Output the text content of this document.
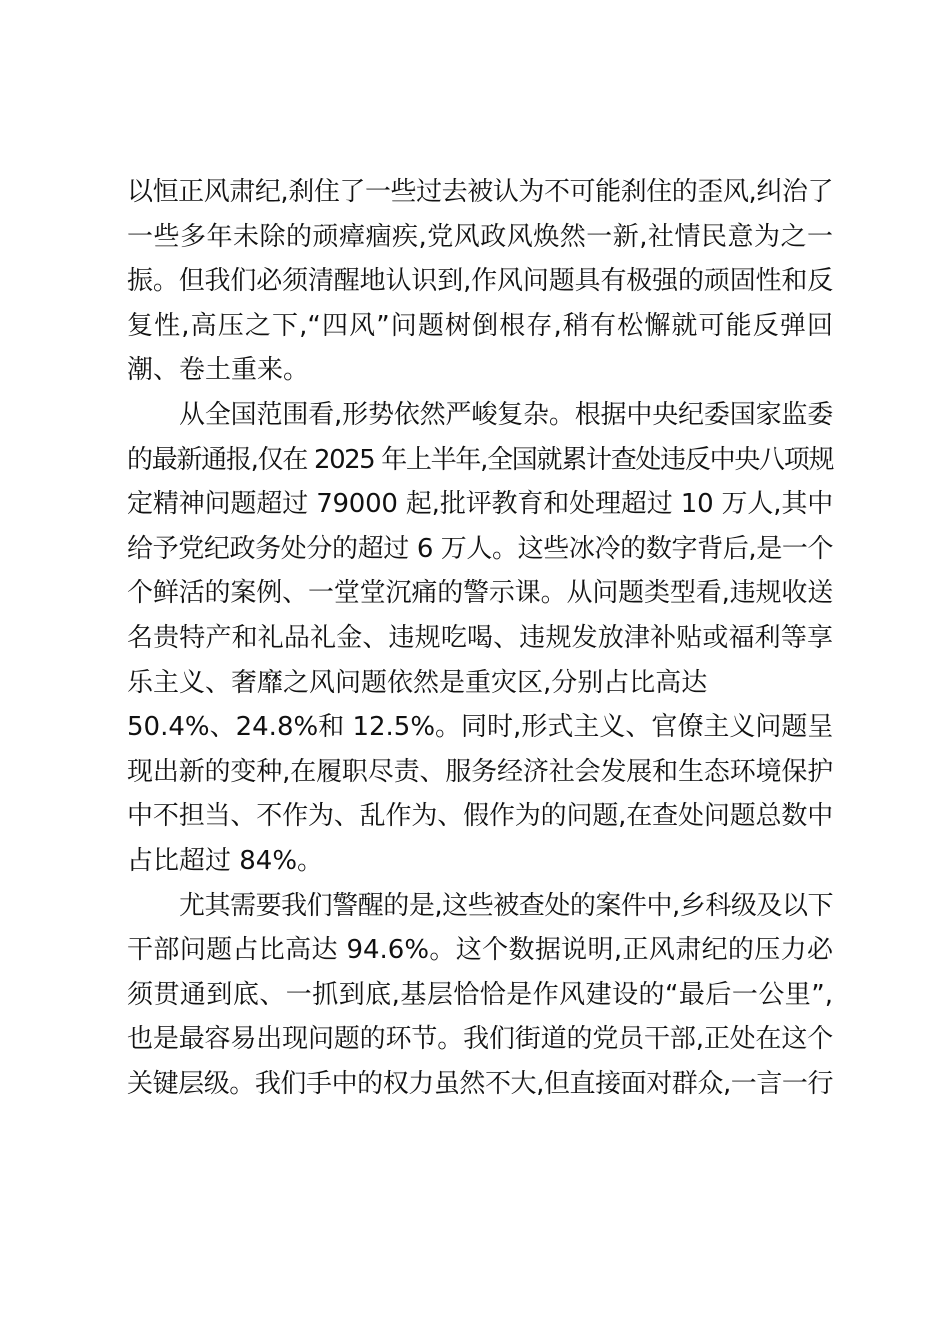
以恒正风肃纪,刹住了一些过去被认为不可能刹住的歪风,纠治了
一些多年未除的顽瘴痼疾,党风政风焕然一新,社情民意为之一
振。但我们必须清醒地认识到,作风问题具有极强的顽固性和反
复性,高压之下,“四风”问题树倒根存,稍有松懈就可能反弹回
潮、卷土重来。

从全国范围看,形势依然严峻复杂。根据中央纪委国家监委
的最新通报,仅在 2025 年上半年,全国就累计查处违反中央八项规
定精神问题超过 79000 起,批评教育和处理超过 10 万人,其中
给予党纪政务处分的超过 6 万人。这些冰冷的数字背后,是一个
个鲜活的案例、一堂堂沉痛的警示课。从问题类型看,违规收送
名贵特产和礼品礼金、违规吃喝、违规发放津补贴或福利等享
乐主义、奢靡之风问题依然是重灾区,分别占比高达
50.4%、24.8%和 12.5%。同时,形式主义、官僚主义问题呈
现出新的变种,在履职尽责、服务经济社会发展和生态环境保护
中不担当、不作为、乱作为、假作为的问题,在查处问题总数中
占比超过 84%。

尤其需要我们警醒的是,这些被查处的案件中,乡科级及以下
干部问题占比高达 94.6%。这个数据说明,正风肃纪的压力必
须贯通到底、一抓到底,基层恰恰是作风建设的“最后一公里”,
也是最容易出现问题的环节。我们街道的党员干部,正处在这个
关键层级。我们手中的权力虽然不大,但直接面对群众,一言一行
